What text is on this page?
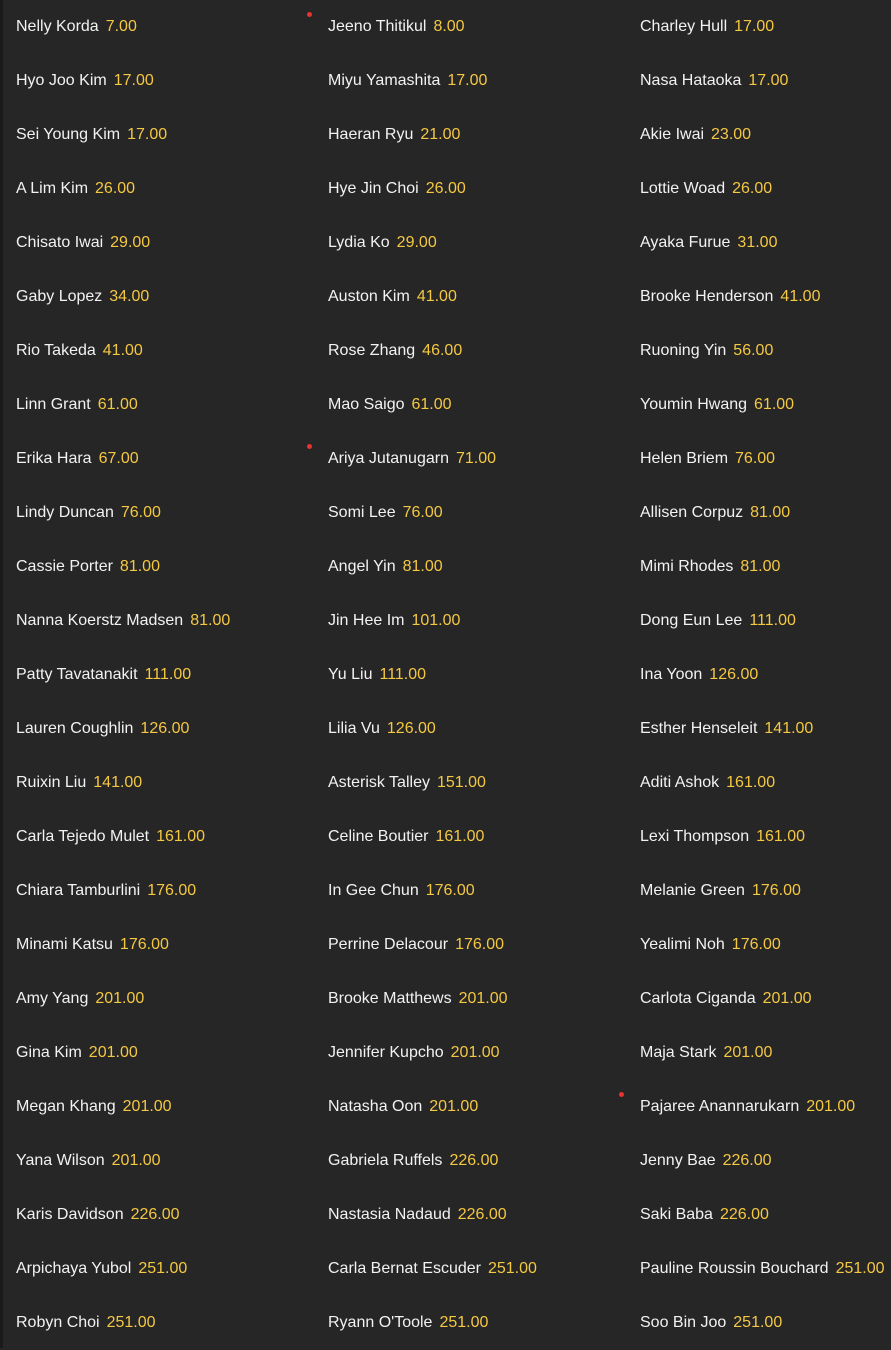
Nelly Korda 7.00	Jeeno Thitikul 8.00	Charley Hull 17.00
Hyo Joo Kim 17.00	Miyu Yamashita 17.00	Nasa Hataoka 17.00
Sei Young Kim 17.00	Haeran Ryu 21.00	Akie Iwai 23.00
A Lim Kim 26.00	Hye Jin Choi 26.00	Lottie Woad 26.00
Chisato Iwai 29.00	Lydia Ko 29.00	Ayaka Furue 31.00
Gaby Lopez 34.00	Auston Kim 41.00	Brooke Henderson 41.00
Rio Takeda 41.00	Rose Zhang 46.00	Ruoning Yin 56.00
Linn Grant 61.00	Mao Saigo 61.00	Youmin Hwang 61.00
Erika Hara 67.00	Ariya Jutanugarn 71.00	Helen Briem 76.00
Lindy Duncan 76.00	Somi Lee 76.00	Allisen Corpuz 81.00
Cassie Porter 81.00	Angel Yin 81.00	Mimi Rhodes 81.00
Nanna Koerstz Madsen 81.00	Jin Hee Im 101.00	Dong Eun Lee 111.00
Patty Tavatanakit 111.00	Yu Liu 111.00	Ina Yoon 126.00
Lauren Coughlin 126.00	Lilia Vu 126.00	Esther Henseleit 141.00
Ruixin Liu 141.00	Asterisk Talley 151.00	Aditi Ashok 161.00
Carla Tejedo Mulet 161.00	Celine Boutier 161.00	Lexi Thompson 161.00
Chiara Tamburlini 176.00	In Gee Chun 176.00	Melanie Green 176.00
Minami Katsu 176.00	Perrine Delacour 176.00	Yealimi Noh 176.00
Amy Yang 201.00	Brooke Matthews 201.00	Carlota Ciganda 201.00
Gina Kim 201.00	Jennifer Kupcho 201.00	Maja Stark 201.00
Megan Khang 201.00	Natasha Oon 201.00	Pajaree Anannarukarn 201.00
Yana Wilson 201.00	Gabriela Ruffels 226.00	Jenny Bae 226.00
Karis Davidson 226.00	Nastasia Nadaud 226.00	Saki Baba 226.00
Arpichaya Yubol 251.00	Carla Bernat Escuder 251.00	Pauline Roussin Bouchard 251.00
Robyn Choi 251.00	Ryann O'Toole 251.00	Soo Bin Joo 251.00
